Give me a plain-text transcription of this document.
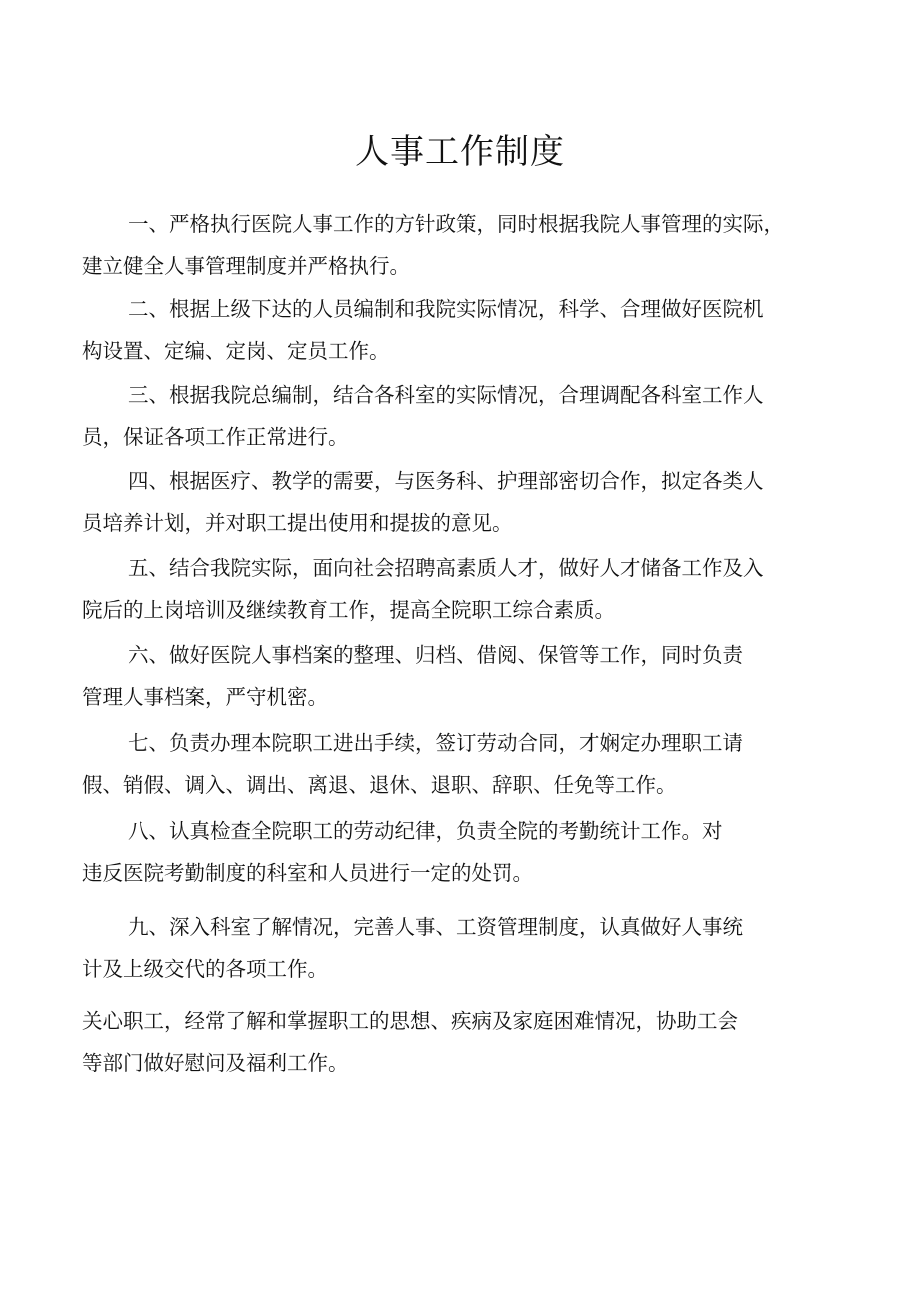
人事工作制度
一、严格执行医院人事工作的方针政策，同时根据我院人事管理的实际，
建立健全人事管理制度并严格执行。
二、根据上级下达的人员编制和我院实际情况，科学、合理做好医院机
构设置、定编、定岗、定员工作。
三、根据我院总编制，结合各科室的实际情况，合理调配各科室工作人
员，保证各项工作正常进行。
四、根据医疗、教学的需要，与医务科、护理部密切合作，拟定各类人
员培养计划，并对职工提出使用和提拔的意见。
五、结合我院实际，面向社会招聘高素质人才，做好人才储备工作及入
院后的上岗培训及继续教育工作，提高全院职工综合素质。
六、做好医院人事档案的整理、归档、借阅、保管等工作，同时负责
管理人事档案，严守机密。
七、负责办理本院职工进出手续，签订劳动合同，才娴定办理职工请
假、销假、调入、调出、离退、退休、退职、辞职、任免等工作。
八、认真检查全院职工的劳动纪律，负责全院的考勤统计工作。对
违反医院考勤制度的科室和人员进行一定的处罚。
九、深入科室了解情况，完善人事、工资管理制度，认真做好人事统
计及上级交代的各项工作。
关心职工，经常了解和掌握职工的思想、疾病及家庭困难情况，协助工会
等部门做好慰问及福利工作。
